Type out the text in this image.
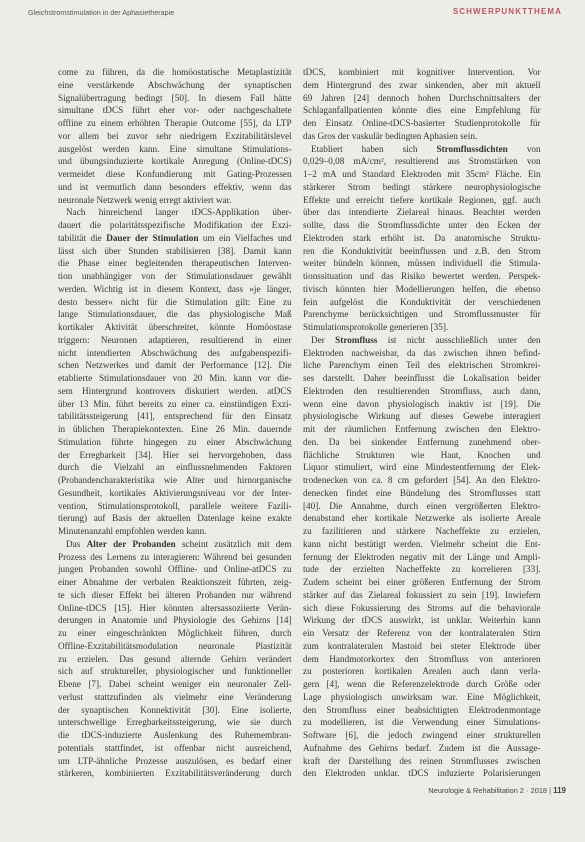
Gleichstromstimulation in der Aphasietherapie	SCHWERPUNKTTHEMA
come zu führen, da die homöostatische Metaplastizität
eine verstärkende Abschwächung der synaptischen
Signalübertragung bedingt [50]. In diesem Fall hätte
simultane tDCS führt eher vor- oder nachgeschaltete
offline zu einem erhöhten Therapie Outcome [55], da LTP
vor allem bei zuvor sehr niedrigem Exzitabilitätslevel
ausgelöst werden kann. Eine simultane Stimulations-
und übungsinduzierte kortikale Anregung (Online-tDCS)
vermeidet diese Konfundierung mit Gating-Prozessen
und ist vermutlich dann besonders effektiv, wenn das
neuronale Netzwerk wenig erregt aktiviert war.
Nach hinreichend langer tDCS-Applikation über-
dauert die polaritätsspezifische Modifikation der Exzi-
tabilität die Dauer der Stimulation um ein Vielfaches und
lässt sich über Stunden stabilisieren [38]. Damit kann
die Phase einer begleitenden therapeutischen Interven-
tion unabhängiger von der Stimulationsdauer gewählt
werden. Wichtig ist in diesem Kontext, dass »je länger,
desto besser« nicht für die Stimulation gilt: Eine zu
lange Stimulationsdauer, die das physiologische Maß
kortikaler Aktivität überschreitet, könnte Homöostase
triggern: Neuronen adaptieren, resultierend in einer
nicht intendierten Abschwächung des aufgabenspezifi-
schen Netzwerkes und damit der Performance [12]. Die
etablierte Stimulationsdauer von 20 Min. kann vor die-
sem Hintergrund kontrovers diskutiert werden. atDCS
über 13 Min. führt bereits zu einer ca. einstündigen Exzi-
tabilitätssteigerung [41], entsprechend für den Einsatz
in üblichen Therapiekontexten. Eine 26 Min. dauernde
Stimulation führte hingegen zu einer Abschwächung
der Erregbarkeit [34]. Hier sei hervorgehoben, dass
durch die Vielzahl an einflussnehmenden Faktoren
(Probandencharakteristika wie Alter und hirnorganische
Gesundheit, kortikales Aktivierungsniveau vor der Inter-
vention, Stimulationsprotokoll, parallele weitere Fazili-
tierung) auf Basis der aktuellen Datenlage keine exakte
Minutenanzahl empfohlen werden kann.
Das Alter der Probanden scheint zusätzlich mit dem
Prozess des Lernens zu interagieren: Während bei gesunden
jungen Probanden sowohl Offline- und Online-atDCS zu
einer Abnahme der verbalen Reaktionszeit führten, zeig-
te sich dieser Effekt bei älteren Probanden nur während
Online-tDCS [15]. Hier könnten altersassoziierte Verän-
derungen in Anatomie und Physiologie des Gehirns [14]
zu einer eingeschränkten Möglichkeit führen, durch
Offline-Exzitabilitätsmodulation neuronale Plastizität
zu erzielen. Das gesund alternde Gehirn verändert
sich auf struktureller, physiologischer und funktioneller
Ebene [7]. Dabei scheint weniger ein neuronaler Zell-
verlust stattzufinden als vielmehr eine Veränderung
der synaptischen Konnektivität [30]. Eine isolierte,
unterschwellige Erregbarkeitssteigerung, wie sie durch
die tDCS-induzierte Auslenkung des Ruhemembran-
potentials stattfindet, ist offenbar nicht ausreichend,
um LTP-ähnliche Prozesse auszulösen, es bedarf einer
stärkeren, kombinierten Exzitabilitätsveränderung durch
tDCS, kombiniert mit kognitiver Intervention. Vor
dem Hintergrund des zwar sinkenden, aber mit aktuell
69 Jahren [24] dennoch hohen Durchschnittsalters der
Schlaganfallpatienten könnte dies eine Empfehlung für
den Einsatz Online-tDCS-basierter Studienprotokolle für
das Gros der vaskulär bedingten Aphasien sein.
Etabliert haben sich Stromflussdichten von
0,029–0,08 mA/cm², resultierend aus Stromstärken von
1–2 mA und Standard Elektroden mit 35cm² Fläche. Ein
stärkerer Strom bedingt stärkere neurophysiologische
Effekte und erreicht tiefere kortikale Regionen, ggf. auch
über das intendierte Zielareal hinaus. Beachtet werden
sollte, dass die Stromflussdichte unter den Ecken der
Elektroden stark erhöht ist. Da anatomische Struktu-
ren die Konduktivität beeinflussen und z.B. den Strom
weiter bündeln können, müssen individuell die Stimula-
tionssituation und das Risiko bewertet werden. Perspek-
tivisch könnten hier Modellierungen helfen, die ebenso
fein aufgelöst die Konduktivität der verschiedenen
Parenchyme berücksichtigen und Stromflussmuster für
Stimulationsprotokolle generieren [35].
Der Stromfluss ist nicht ausschließlich unter den
Elektroden nachweisbar, da das zwischen ihnen befind-
liche Parenchym einen Teil des elektrischen Stromkrei-
ses darstellt. Daher beeinflusst die Lokalisation beider
Elektroden den resultierenden Stromfluss, auch dann,
wenn eine davon physiologisch inaktiv ist [19]. Die
physiologische Wirkung auf dieses Gewebe interagiert
mit der räumlichen Entfernung zwischen den Elektro-
den. Da bei sinkender Entfernung zunehmend ober-
flächliche Strukturen wie Haut, Knochen und
Liquor stimuliert, wird eine Mindestentfernung der Elek-
trodenecken von ca. 8 cm gefordert [54]. An den Elektro-
denecken findet eine Bündelung des Stromflusses statt
[40]. Die Annahme, durch einen vergrößerten Elektro-
denabstand eher kortikale Netzwerke als isolierte Areale
zu fazilitieren und stärkere Nacheffekte zu erzielen,
kann nicht bestätigt werden. Vielmehr scheint die Ent-
fernung der Elektroden negativ mit der Länge und Ampli-
tude der erzielten Nacheffekte zu korrelieren [33].
Zudem scheint bei einer größeren Entfernung der Strom
stärker auf das Zielareal fokussiert zu sein [19]. Inwiefern
sich diese Fokussierung des Stroms auf die behaviorale
Wirkung der tDCS auswirkt, ist unklar. Weiterhin kann
ein Versatz der Referenz von der kontralateralen Stirn
zum kontralateralen Mastoid bei steter Elektrode über
dem Handmotorkortex den Stromfluss von anterioren
zu posterioren kortikalen Arealen auch dann verla-
gern [4], wenn die Referenzelektrode durch Größe oder
Lage physiologisch unwirksam war. Eine Möglichkeit,
den Stromfluss einer beabsichtigten Elektrodenmontage
zu modellieren, ist die Verwendung einer Simulations-
Software [6], die jedoch zwingend einer strukturellen
Aufnahme des Gehirns bedarf. Zudem ist die Aussage-
kraft der Darstellung des reinen Stromflusses zwischen
den Elektroden unklar. tDCS induzierte Polarisierungen
Neurologie & Rehabilitation 2 · 2018 | 119
